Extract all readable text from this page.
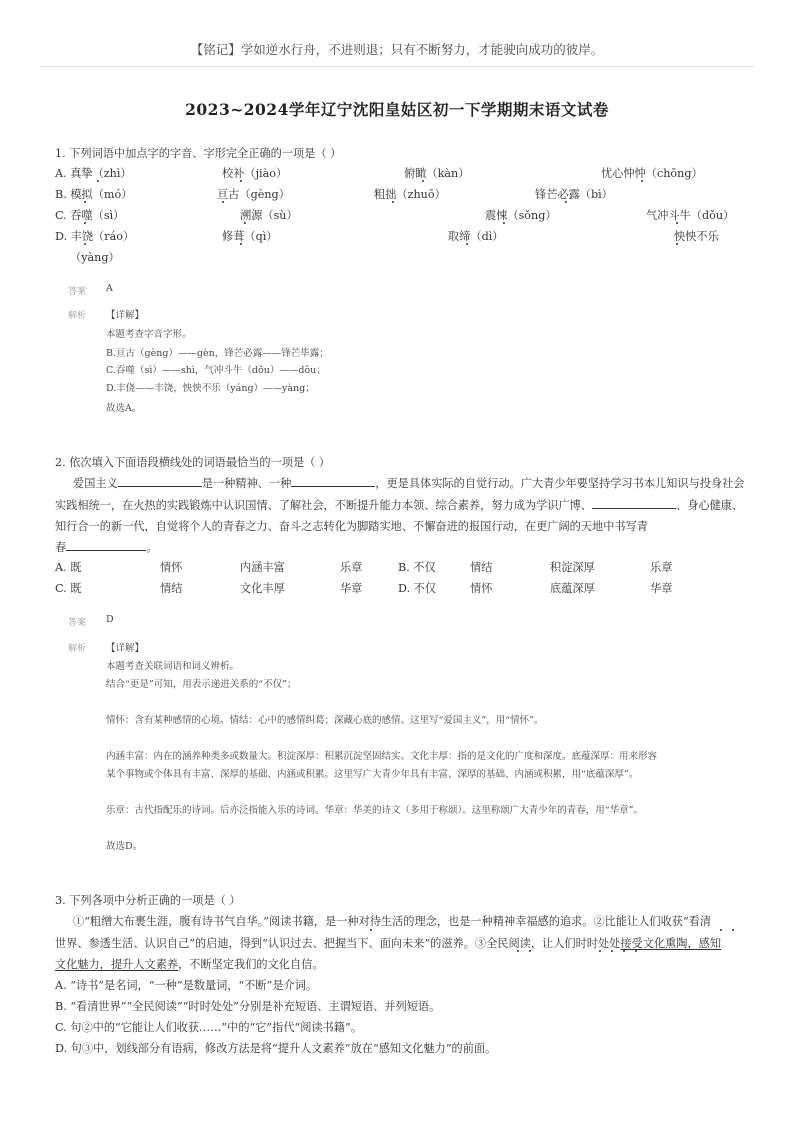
【铭记】学如逆水行舟，不进则退；只有不断努力，才能驶向成功的彼岸。
2023~2024学年辽宁沈阳皇姑区初一下学期期末语文试卷
1. 下列词语中加点字的字音、字形完全正确的一项是（ ）
A. 真挚（zhì）	校补（jiào）	俯瞰（kàn）	忧心忡忡（chōng）
B. 模拟（mó）	亘古（gèng）	粗拙（zhuō）	锋芒必露（bì）
C. 吞噬（sì）	溯源（sù）	震悚（sǒng）	气冲斗牛（dǒu）
D. 丰饶（ráo）	修葺（qì）	取缔（dì）	怏怏不乐
（yàng）
答案 A
解析 【详解】
本题考查字音字形。
B.亘古（gèng）——gèn，锋芒必露——锋芒毕露；
C.吞噬（sì）——shì，气冲斗牛（dǒu）——dǒu；
D.丰侥——丰饶，怏怏不乐（yáng）——yàng；
故选A。
2. 依次填入下面语段横线处的词语最恰当的一项是（ ）
爱国主义	是一种精神、一种	，更是具体实际的自觉行动。广大青少年要坚持学习书本儿知识与投身社会
实践相统一，在火热的实践锻炼中认识国情、了解社会，不断提升能力本领、综合素养，努力成为学识广博、	、身心健康、
知行合一的新一代，自觉将个人的青春之力、奋斗之志转化为脚踏实地、不懈奋进的报国行动，在更广阔的天地中书写青
春	。
A. 既	情怀	内涵丰富	乐章	B. 不仅	情结	积淀深厚	乐章
C. 既	情结	文化丰厚	华章	D. 不仅	情怀	底蕴深厚	华章
答案 D
解析 【详解】
本题考查关联词语和词义辨析。
结合“更是”可知，用表示递进关系的“不仅”；
情怀：含有某种感情的心境。情结：心中的感情纠葛；深藏心底的感情。这里写“爱国主义”，用“情怀”。
内涵丰富：内在的涵养种类多或数量大。积淀深厚：积累沉淀坚固结实。文化丰厚：指的是文化的广度和深度。底蕴深厚：用来形容
某个事物或个体具有丰富、深厚的基础、内涵或积累。这里写广大青少年具有丰富、深厚的基础、内涵或积累，用“底蕴深厚”。
乐章：古代指配乐的诗词。后亦泛指能入乐的诗词。华章：华美的诗文（多用于称颂）。这里称颂广大青少年的青春，用“华章”。
故选D。
3. 下列各项中分析正确的一项是（ ）
①“粗缯大布裹生涯，腹有诗书气自华。”阅读书籍，是一种对待生活的理念，也是一种精神幸福感的追求。②比能让人们收获“看清
世界、参透生活、认识自己”的启迪，得到“认识过去、把握当下、面向未来”的滋养。③全民阅读，让人们时时处处接受文化熏陶，感知
文化魅力，提升人文素养，不断坚定我们的文化自信。
A. “诗书”是名词，“一种”是数量词，“不断”是介词。
B. “看清世界”“全民阅读”“时时处处”分别是补充短语、主谓短语、并列短语。
C. 句②中的“它能让人们收获……”中的“它”指代“阅读书籍”。
D. 句③中，划线部分有语病，修改方法是将“提升人文素养”放在“感知文化魅力”的前面。
